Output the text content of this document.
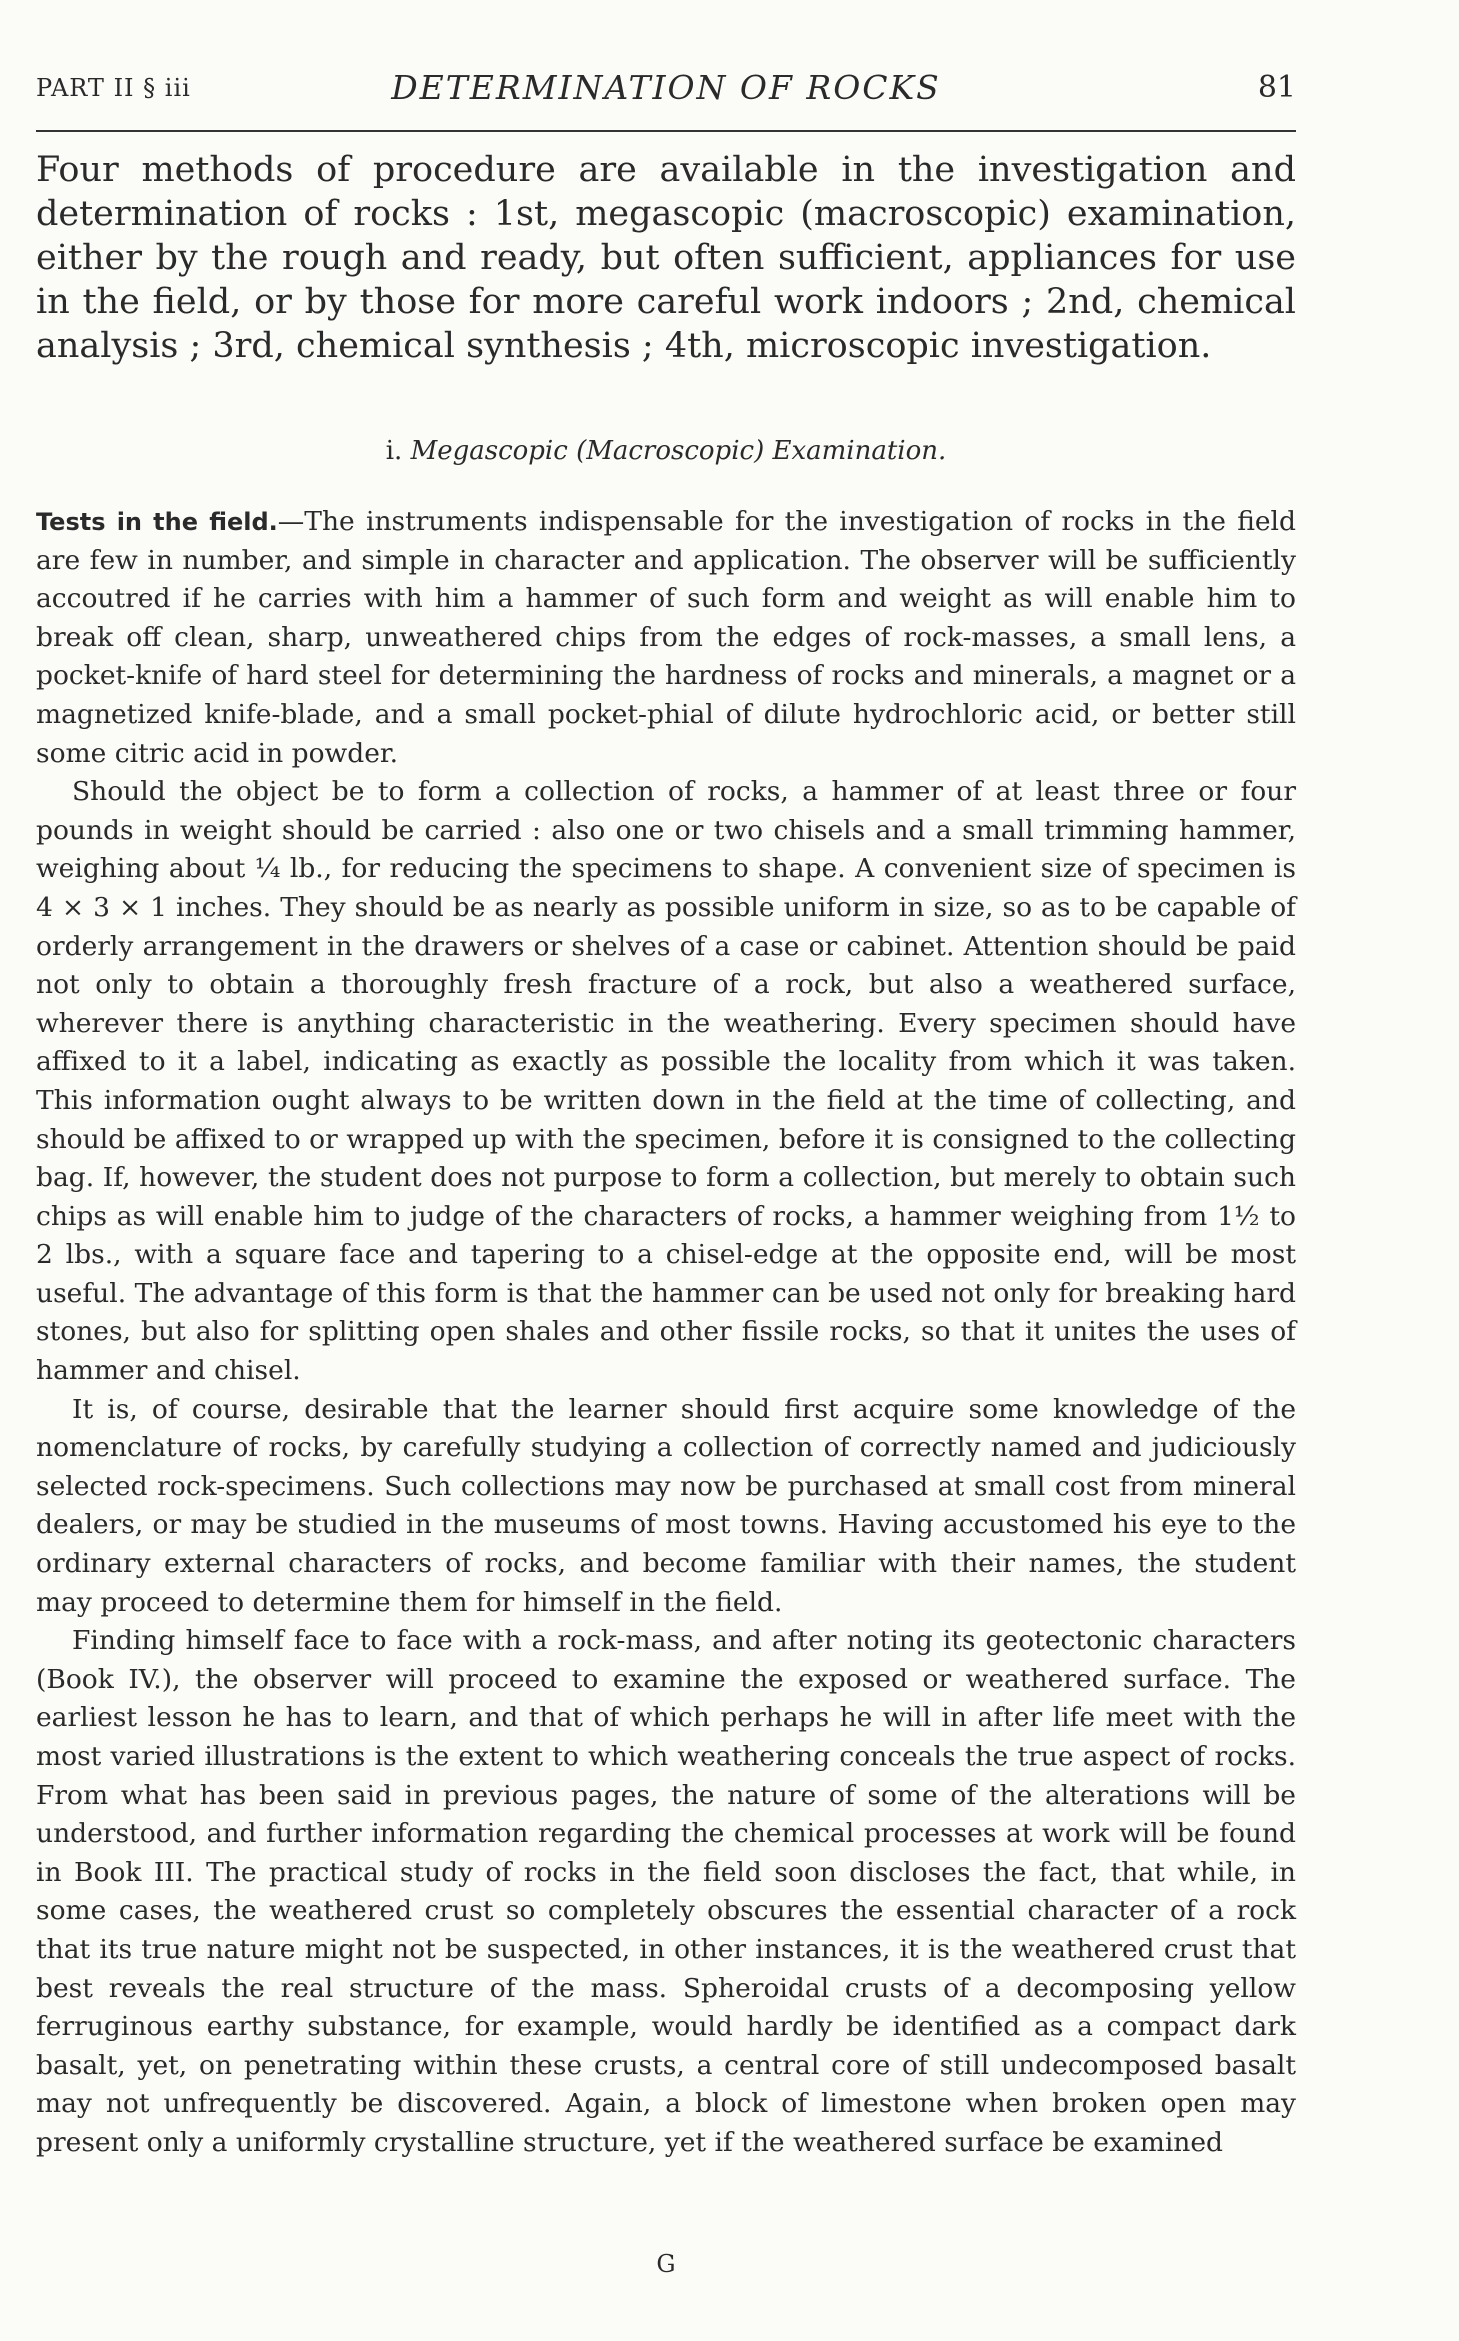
PART II § iii	DETERMINATION OF ROCKS	81

Four methods of procedure are available in the investigation and determination of rocks : 1st, megascopic (macroscopic) examination, either by the rough and ready, but often sufficient, appliances for use in the field, or by those for more careful work indoors ; 2nd, chemical analysis ; 3rd, chemical synthesis ; 4th, microscopic investigation.

i. Megascopic (Macroscopic) Examination.

Tests in the field.—The instruments indispensable for the investigation of rocks in the field are few in number, and simple in character and application. The observer will be sufficiently accoutred if he carries with him a hammer of such form and weight as will enable him to break off clean, sharp, unweathered chips from the edges of rock-masses, a small lens, a pocket-knife of hard steel for determining the hardness of rocks and minerals, a magnet or a magnetized knife-blade, and a small pocket-phial of dilute hydrochloric acid, or better still some citric acid in powder.

Should the object be to form a collection of rocks, a hammer of at least three or four pounds in weight should be carried : also one or two chisels and a small trimming hammer, weighing about ¼ lb., for reducing the specimens to shape. A convenient size of specimen is 4 × 3 × 1 inches. They should be as nearly as possible uniform in size, so as to be capable of orderly arrangement in the drawers or shelves of a case or cabinet. Attention should be paid not only to obtain a thoroughly fresh fracture of a rock, but also a weathered surface, wherever there is anything characteristic in the weathering. Every specimen should have affixed to it a label, indicating as exactly as possible the locality from which it was taken. This information ought always to be written down in the field at the time of collecting, and should be affixed to or wrapped up with the specimen, before it is consigned to the collecting bag. If, however, the student does not purpose to form a collection, but merely to obtain such chips as will enable him to judge of the characters of rocks, a hammer weighing from 1½ to 2 lbs., with a square face and tapering to a chisel-edge at the opposite end, will be most useful. The advantage of this form is that the hammer can be used not only for breaking hard stones, but also for splitting open shales and other fissile rocks, so that it unites the uses of hammer and chisel.

It is, of course, desirable that the learner should first acquire some knowledge of the nomenclature of rocks, by carefully studying a collection of correctly named and judiciously selected rock-specimens. Such collections may now be purchased at small cost from mineral dealers, or may be studied in the museums of most towns. Having accustomed his eye to the ordinary external characters of rocks, and become familiar with their names, the student may proceed to determine them for himself in the field.

Finding himself face to face with a rock-mass, and after noting its geotectonic characters (Book IV.), the observer will proceed to examine the exposed or weathered surface. The earliest lesson he has to learn, and that of which perhaps he will in after life meet with the most varied illustrations is the extent to which weathering conceals the true aspect of rocks. From what has been said in previous pages, the nature of some of the alterations will be understood, and further information regarding the chemical processes at work will be found in Book III. The practical study of rocks in the field soon discloses the fact, that while, in some cases, the weathered crust so completely obscures the essential character of a rock that its true nature might not be suspected, in other instances, it is the weathered crust that best reveals the real structure of the mass. Spheroidal crusts of a decomposing yellow ferruginous earthy substance, for example, would hardly be identified as a compact dark basalt, yet, on penetrating within these crusts, a central core of still undecomposed basalt may not unfrequently be discovered. Again, a block of limestone when broken open may present only a uniformly crystalline structure, yet if the weathered surface be examined

G
